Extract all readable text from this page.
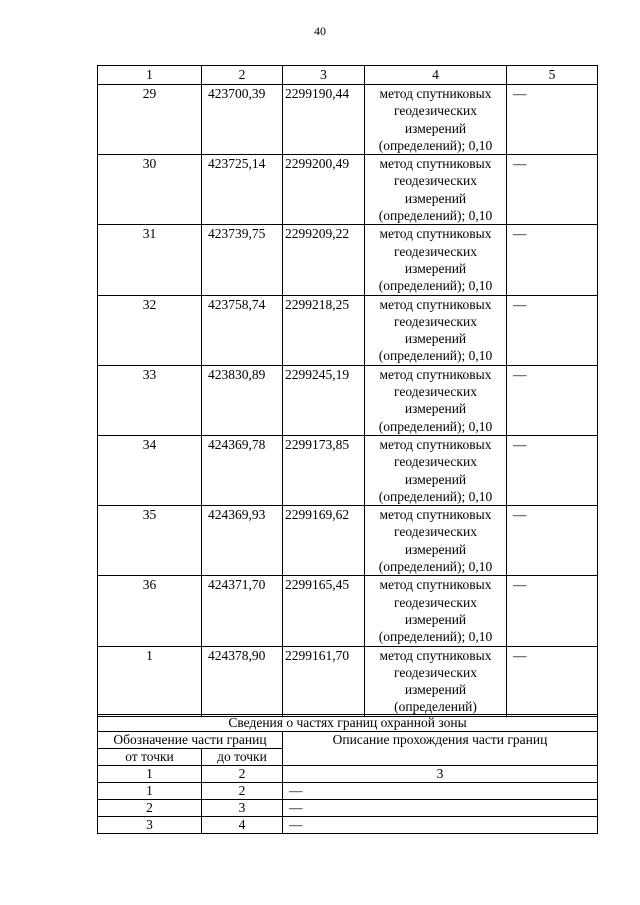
40
1	2	3	4	5
29	423700,39	2299190,44	метод спутниковых
геодезических
измерений
(определений); 0,10	—
30	423725,14	2299200,49	метод спутниковых
геодезических
измерений
(определений); 0,10	—
31	423739,75	2299209,22	метод спутниковых
геодезических
измерений
(определений); 0,10	—
32	423758,74	2299218,25	метод спутниковых
геодезических
измерений
(определений); 0,10	—
33	423830,89	2299245,19	метод спутниковых
геодезических
измерений
(определений); 0,10	—
34	424369,78	2299173,85	метод спутниковых
геодезических
измерений
(определений); 0,10	—
35	424369,93	2299169,62	метод спутниковых
геодезических
измерений
(определений); 0,10	—
36	424371,70	2299165,45	метод спутниковых
геодезических
измерений
(определений); 0,10	—
1	424378,90	2299161,70	метод спутниковых
геодезических
измерений
(определений)	—
Сведения о частях границ охранной зоны		
Обозначение части границ		Описание прохождения части границ
от точки	до точки	
1	2	3
1	2	—
2	3	—
3	4	—
